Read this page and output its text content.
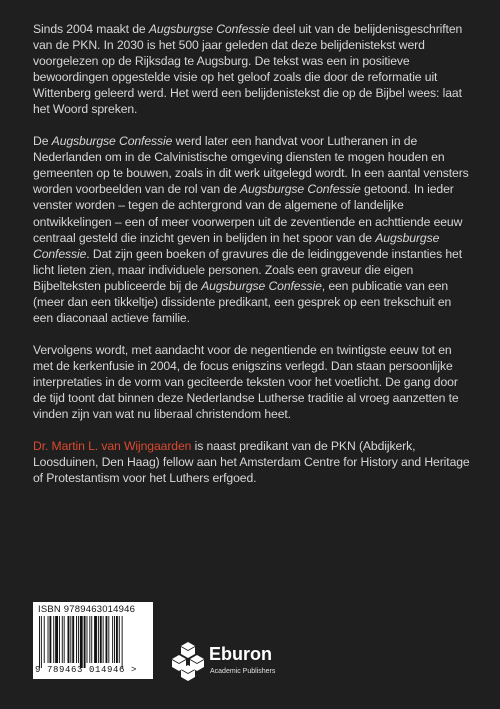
Sinds 2004 maakt de Augsburgse Confessie deel uit van de belijdenisgeschriften van de PKN. In 2030 is het 500 jaar geleden dat deze belijdenistekst werd voorgelezen op de Rijksdag te Augsburg. De tekst was een in positieve bewoordingen opgestelde visie op het geloof zoals die door de reformatie uit Wittenberg geleerd werd. Het werd een belijdenistekst die op de Bijbel wees: laat het Woord spreken.

De Augsburgse Confessie werd later een handvat voor Lutheranen in de Nederlanden om in de Calvinistische omgeving diensten te mogen houden en gemeenten op te bouwen, zoals in dit werk uitgelegd wordt. In een aantal vensters worden voorbeelden van de rol van de Augsburgse Confessie getoond. In ieder venster worden – tegen de achtergrond van de algemene of landelijke ontwikkelingen – een of meer voorwerpen uit de zeventiende en achttiende eeuw centraal gesteld die inzicht geven in belijden in het spoor van de Augsburgse Confessie. Dat zijn geen boeken of gravures die de leidinggevende instanties het licht lieten zien, maar individuele personen. Zoals een graveur die eigen Bijbelteksten publiceerde bij de Augsburgse Confessie, een publicatie van een (meer dan een tikkeltje) dissidente predikant, een gesprek op een trekschuit en een diaconaal actieve familie.

Vervolgens wordt, met aandacht voor de negentiende en twintigste eeuw tot en met de kerkenfusie in 2004, de focus enigszins verlegd. Dan staan persoonlijke interpretaties in de vorm van geciteerde teksten voor het voetlicht. De gang door de tijd toont dat binnen deze Nederlandse Lutherse traditie al vroeg aanzetten te vinden zijn van wat nu liberaal christendom heet.

Dr. Martin L. van Wijngaarden is naast predikant van de PKN (Abdijkerk, Loosduinen, Den Haag) fellow aan het Amsterdam Centre for History and Heritage of Protestantism voor het Luthers erfgoed.

ISBN 9789463014946
9 789463 014946 >
Eburon
Academic Publishers
